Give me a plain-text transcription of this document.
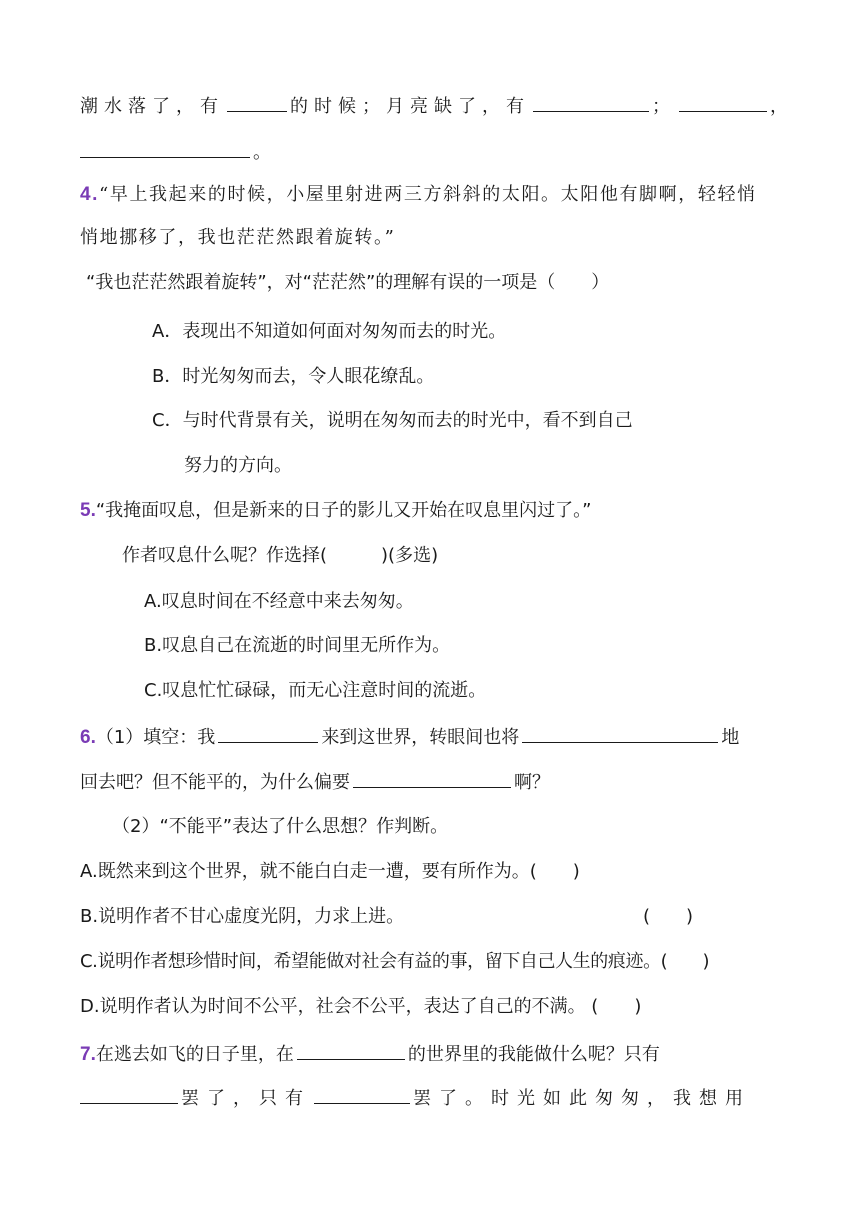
潮水落了，有	的时候；月亮缺了，有	；	，
。
4.“早上我起来的时候，小屋里射进两三方斜斜的太阳。太阳他有脚啊，轻轻悄
悄地挪移了，我也茫茫然跟着旋转。”
“我也茫茫然跟着旋转”，对“茫茫然”的理解有误的一项是（　　）
A．表现出不知道如何面对匆匆而去的时光。
B．时光匆匆而去，令人眼花缭乱。
C．与时代背景有关，说明在匆匆而去的时光中，看不到自己
努力的方向。
5.“我掩面叹息，但是新来的日子的影儿又开始在叹息里闪过了。”
作者叹息什么呢？作选择(　　　)(多选)
A.叹息时间在不经意中来去匆匆。
B.叹息自己在流逝的时间里无所作为。
C.叹息忙忙碌碌，而无心注意时间的流逝。
6.（1）填空：我	来到这世界，转眼间也将	地
回去吧？但不能平的，为什么偏要	啊？
（2）“不能平”表达了什么思想？作判断。
A.既然来到这个世界，就不能白白走一遭，要有所作为。(　　)
B.说明作者不甘心虚度光阴，力求上进。	(　　)
C.说明作者想珍惜时间，希望能做对社会有益的事，留下自己人生的痕迹。(　　)
D.说明作者认为时间不公平，社会不公平，表达了自己的不满。 (　　)
7.在逃去如飞的日子里，在	的世界里的我能做什么呢？只有
罢了，只有	罢了。时光如此匆匆，我想用
